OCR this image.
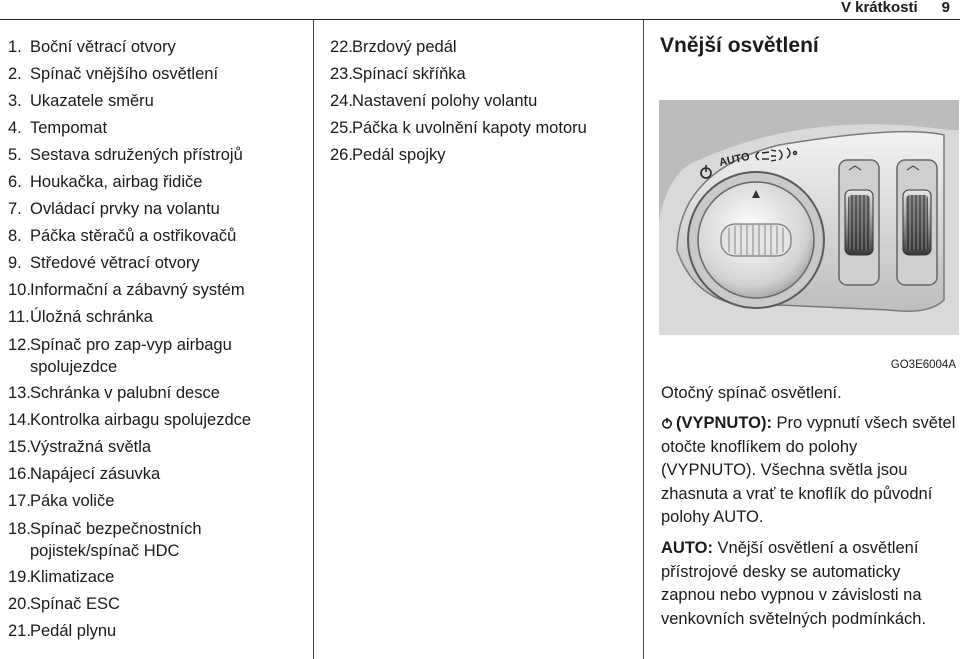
V krátkosti 9
1. Boční větrací otvory
2. Spínač vnějšího osvětlení
3. Ukazatele směru
4. Tempomat
5. Sestava sdružených přístrojů
6. Houkačka, airbag řidiče
7. Ovládací prvky na volantu
8. Páčka stěračů a ostřikovačů
9. Středové větrací otvory
10. Informační a zábavný systém
11. Úložná schránka
12. Spínač pro zap-vyp airbagu spolujezdce
13. Schránka v palubní desce
14. Kontrolka airbagu spolujezdce
15. Výstražná světla
16. Napájecí zásuvka
17. Páka voliče
18. Spínač bezpečnostních pojistek/spínač HDC
19. Klimatizace
20. Spínač ESC
21. Pedál plynu
22. Brzdový pedál
23. Spínací skříňka
24. Nastavení polohy volantu
25. Páčka k uvolnění kapoty motoru
26. Pedál spojky
Vnější osvětlení
AUTO
GO3E6004A
Otočný spínač osvětlení.
(VYPNUTO): Pro vypnutí všech světel otočte knoflíkem do polohy (VYPNUTO). Všechna světla jsou zhasnuta a vrať te knoflík do původní polohy AUTO.
AUTO: Vnější osvětlení a osvětlení přístrojové desky se automaticky zapnou nebo vypnou v závislosti na venkovních světelných podmínkách.
